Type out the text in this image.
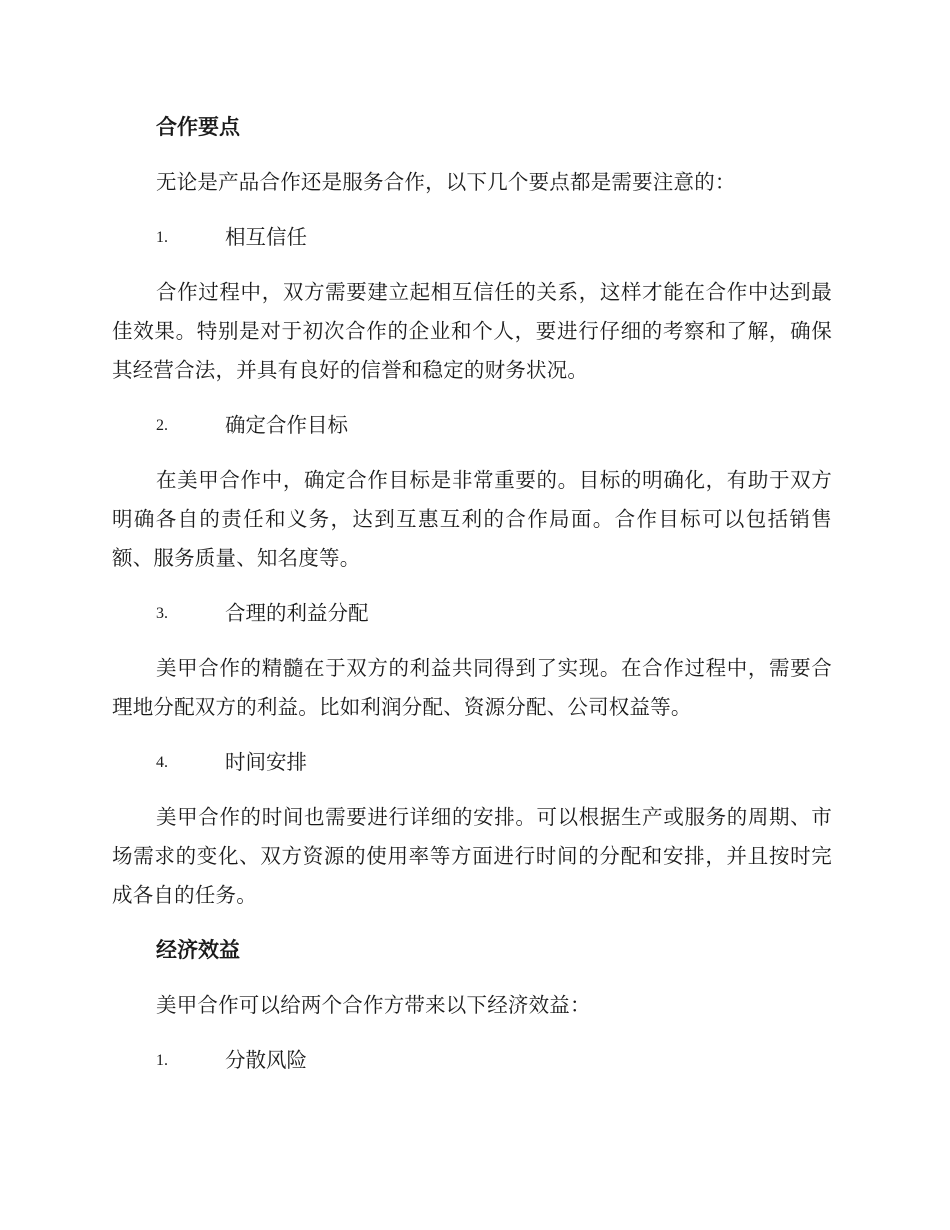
合作要点

无论是产品合作还是服务合作，以下几个要点都是需要注意的：

1.	相互信任

合作过程中，双方需要建立起相互信任的关系，这样才能在合作中达到最佳效果。特别是对于初次合作的企业和个人，要进行仔细的考察和了解，确保其经营合法，并具有良好的信誉和稳定的财务状况。

2.	确定合作目标

在美甲合作中，确定合作目标是非常重要的。目标的明确化，有助于双方明确各自的责任和义务，达到互惠互利的合作局面。合作目标可以包括销售额、服务质量、知名度等。

3.	合理的利益分配

美甲合作的精髓在于双方的利益共同得到了实现。在合作过程中，需要合理地分配双方的利益。比如利润分配、资源分配、公司权益等。

4.	时间安排

美甲合作的时间也需要进行详细的安排。可以根据生产或服务的周期、市场需求的变化、双方资源的使用率等方面进行时间的分配和安排，并且按时完成各自的任务。

经济效益

美甲合作可以给两个合作方带来以下经济效益：

1.	分散风险
